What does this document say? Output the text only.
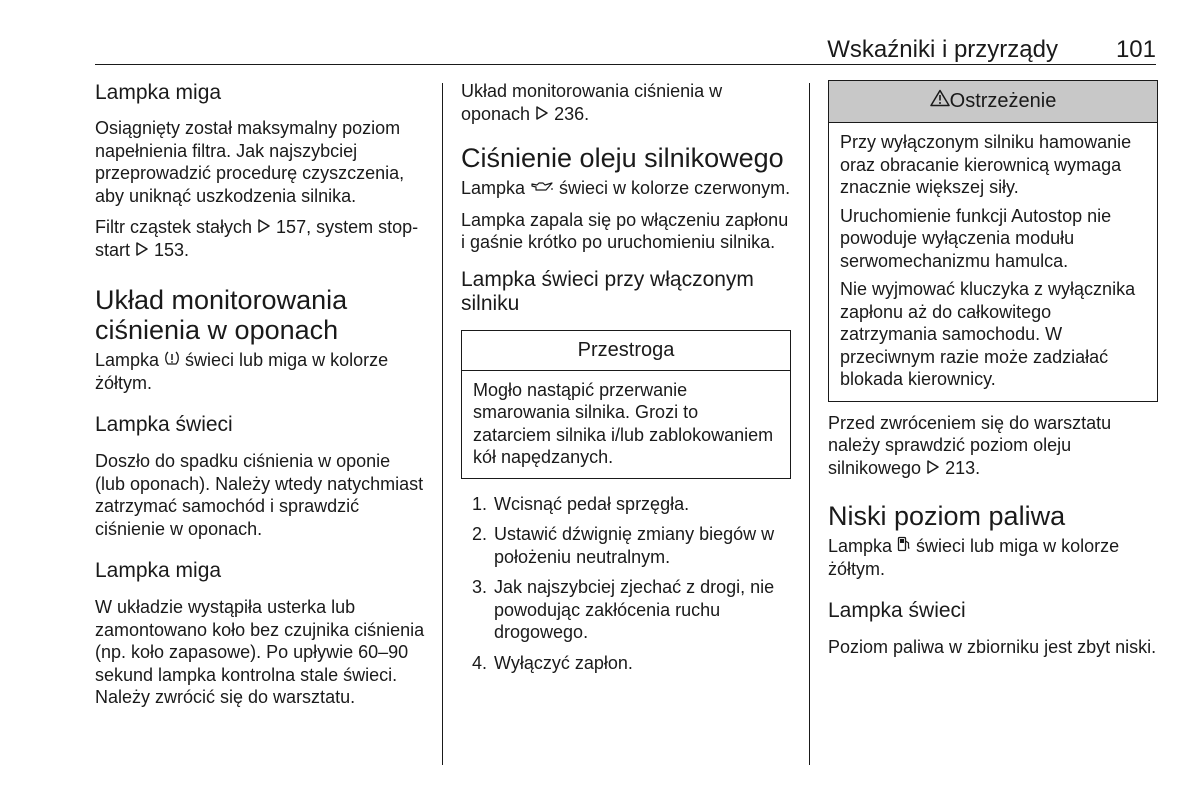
Wskaźniki i przyrządy 101
Lampka miga

Osiągnięty został maksymalny poziom napełnienia filtra. Jak najszybciej przeprowadzić procedurę czyszczenia, aby uniknąć uszkodzenia silnika.

Filtr cząstek stałych  157, system stop-start  153.

Układ monitorowania ciśnienia w oponach

Lampka  świeci lub miga w kolorze żółtym.

Lampka świeci

Doszło do spadku ciśnienia w oponie (lub oponach). Należy wtedy natychmiast zatrzymać samochód i sprawdzić ciśnienie w oponach.

Lampka miga

W układzie wystąpiła usterka lub zamontowano koło bez czujnika ciśnienia (np. koło zapasowe). Po upływie 60–90 sekund lampka kontrolna stale świeci. Należy zwrócić się do warsztatu.

Układ monitorowania ciśnienia w oponach  236.

Ciśnienie oleju silnikowego

Lampka  świeci w kolorze czerwonym.

Lampka zapala się po włączeniu zapłonu i gaśnie krótko po uruchomieniu silnika.

Lampka świeci przy włączonym silniku
Przestroga

Mogło nastąpić przerwanie smarowania silnika. Grozi to zatarciem silnika i/lub zablokowaniem kół napędzanych.

1. Wcisnąć pedał sprzęgła.
2. Ustawić dźwignię zmiany biegów w położeniu neutralnym.
3. Jak najszybciej zjechać z drogi, nie powodując zakłócenia ruchu drogowego.
4. Wyłączyć zapłon.
Ostrzeżenie

Przy wyłączonym silniku hamowanie oraz obracanie kierownicą wymaga znacznie większej siły.

Uruchomienie funkcji Autostop nie powoduje wyłączenia modułu serwomechanizmu hamulca.

Nie wyjmować kluczyka z wyłącznika zapłonu aż do całkowitego zatrzymania samochodu. W przeciwnym razie może zadziałać blokada kierownicy.

Przed zwróceniem się do warsztatu należy sprawdzić poziom oleju silnikowego  213.

Niski poziom paliwa

Lampka  świeci lub miga w kolorze żółtym.

Lampka świeci

Poziom paliwa w zbiorniku jest zbyt niski.
